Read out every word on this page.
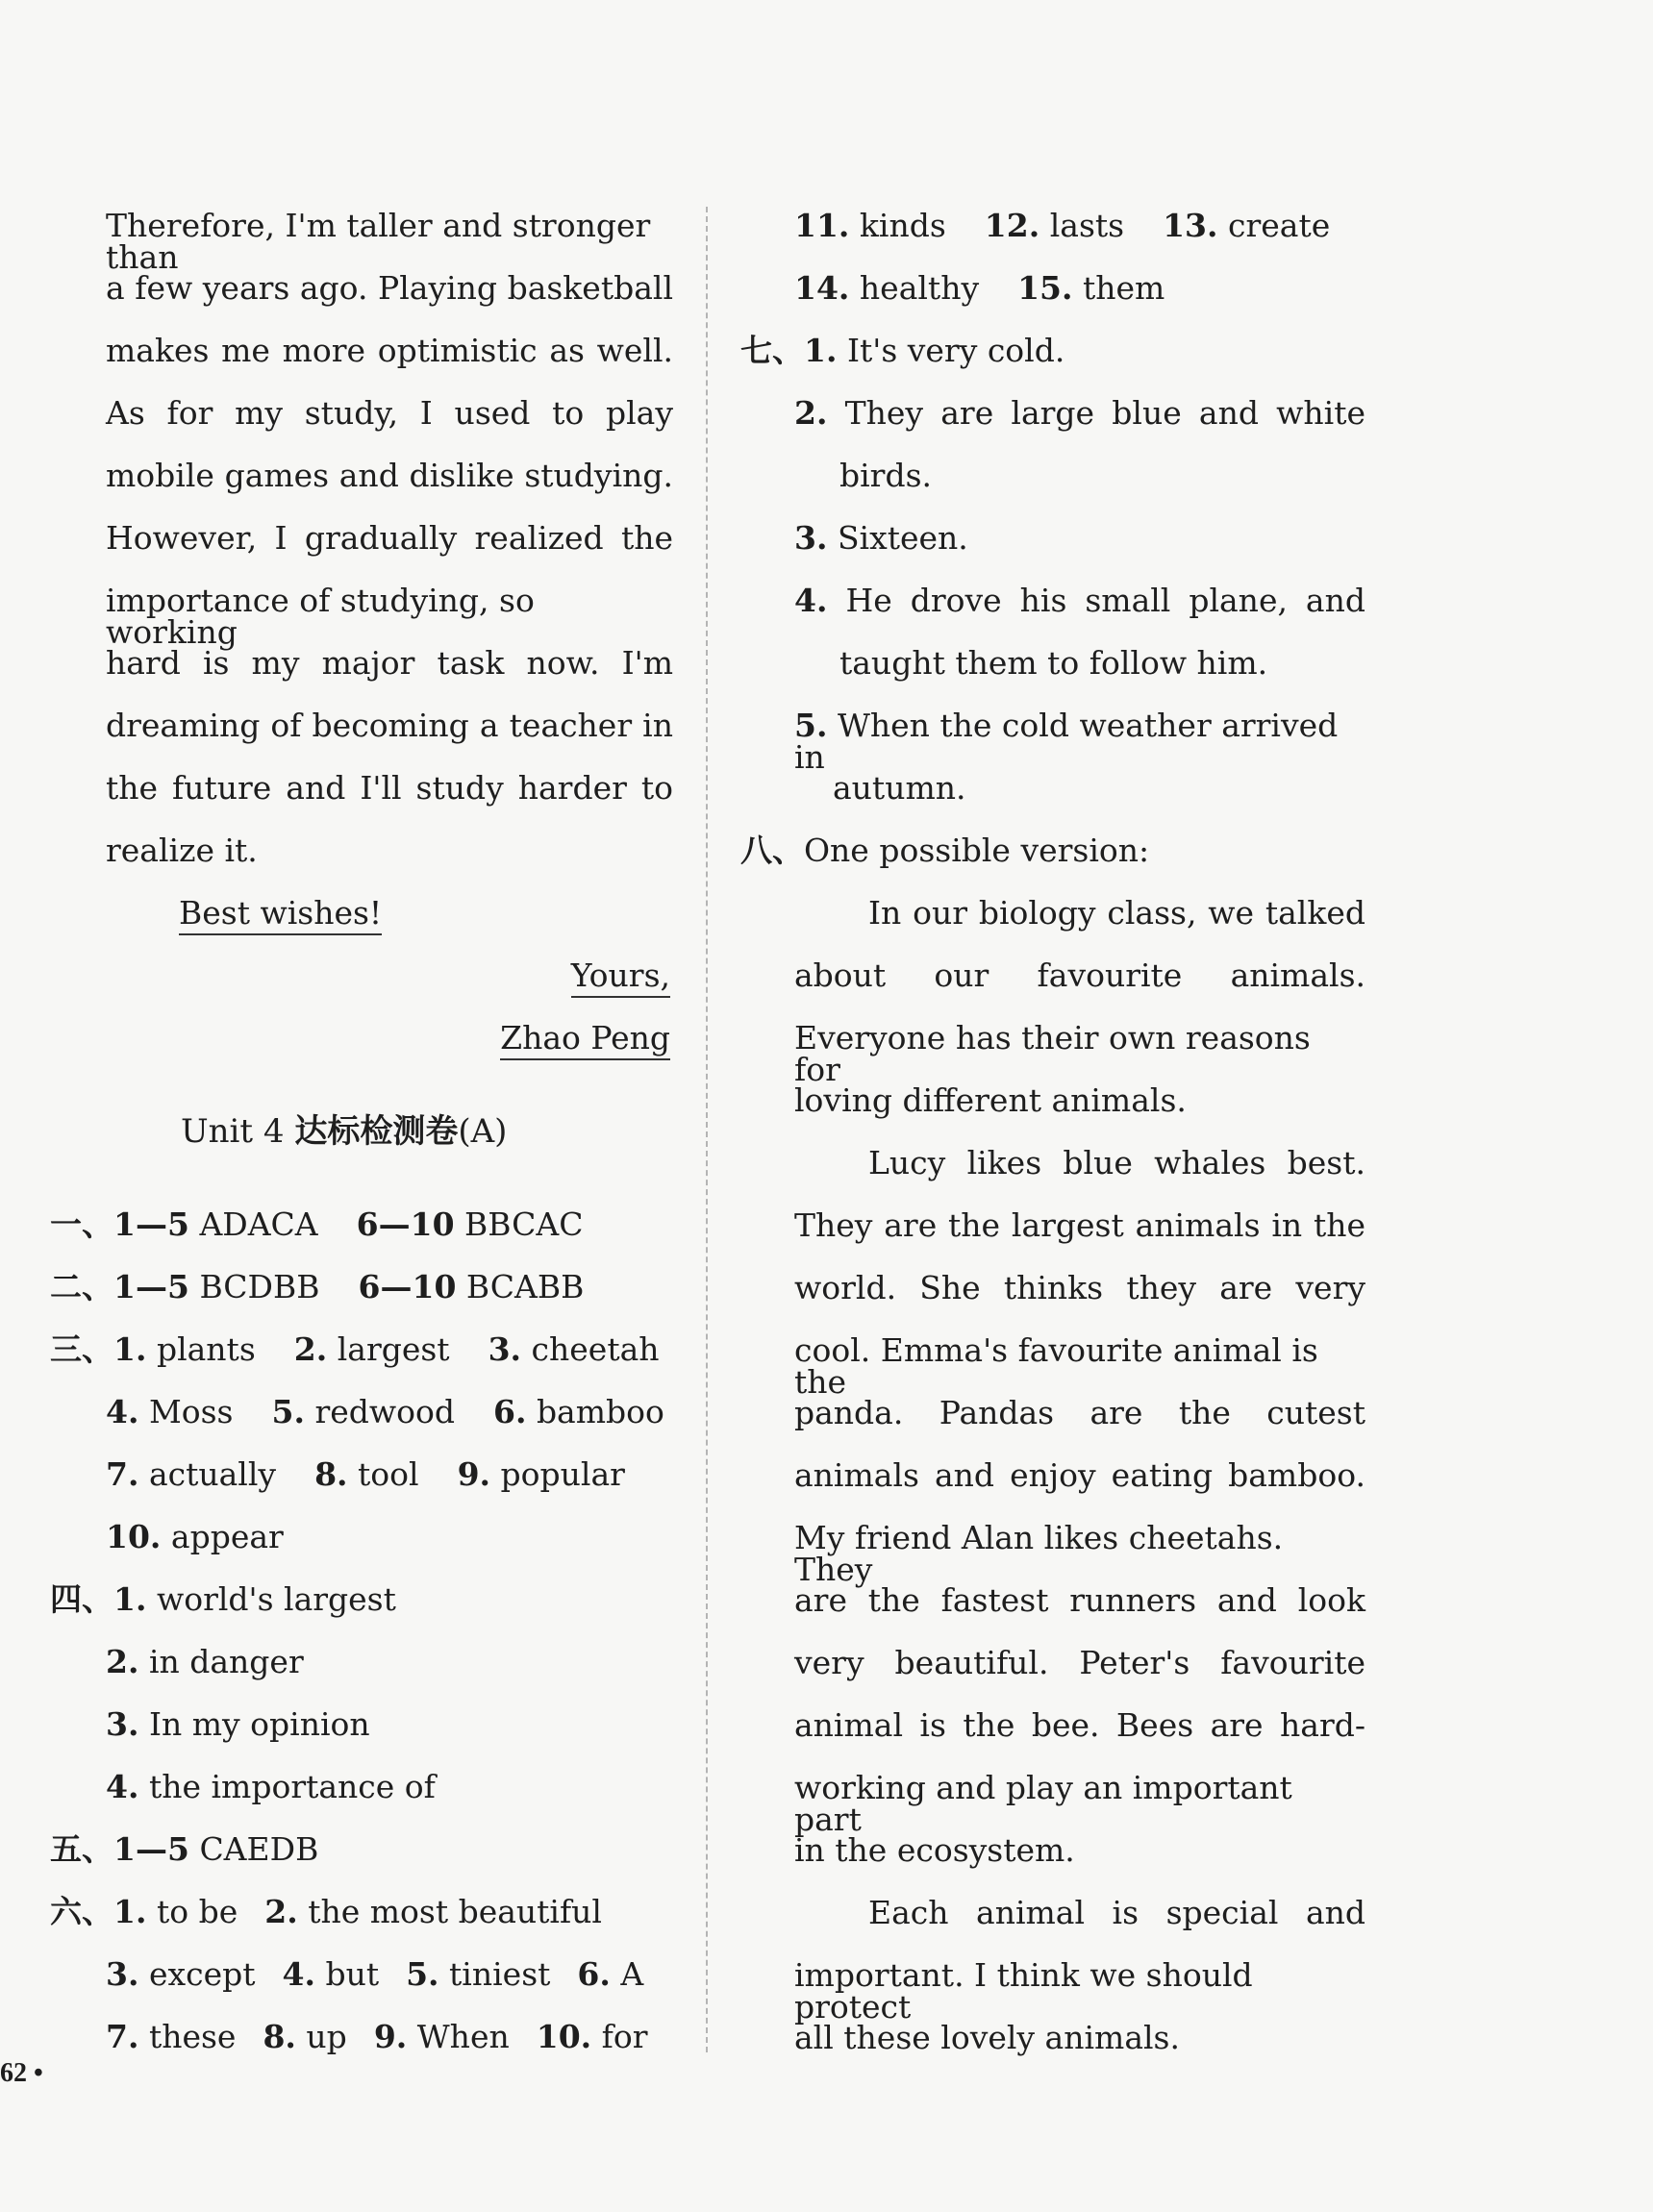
Therefore, I'm taller and stronger than
a few years ago. Playing basketball
makes me more optimistic as well.
As for my study, I used to play
mobile games and dislike studying.
However, I gradually realized the
importance of studying, so working
hard is my major task now. I'm
dreaming of becoming a teacher in
the future and I'll study harder to
realize it.
Best wishes!
Yours,
Zhao Peng
Unit 4 达标检测卷(A)
一、1—5 ADACA 6—10 BBCAC
二、1—5 BCDBB 6—10 BCABB
三、1. plants 2. largest 3. cheetah
4. Moss 5. redwood 6. bamboo
7. actually 8. tool 9. popular
10. appear
四、1. world's largest
2. in danger
3. In my opinion
4. the importance of
五、1—5 CAEDB
六、1. to be 2. the most beautiful
3. except 4. but 5. tiniest 6. A
7. these 8. up 9. When 10. for
11. kinds 12. lasts 13. create
14. healthy 15. them
七、1. It's very cold.
2. They are large blue and white
birds.
3. Sixteen.
4. He drove his small plane, and
taught them to follow him.
5. When the cold weather arrived in
autumn.
八、One possible version:
In our biology class, we talked
about our favourite animals.
Everyone has their own reasons for
loving different animals.
Lucy likes blue whales best.
They are the largest animals in the
world. She thinks they are very
cool. Emma's favourite animal is the
panda. Pandas are the cutest
animals and enjoy eating bamboo.
My friend Alan likes cheetahs. They
are the fastest runners and look
very beautiful. Peter's favourite
animal is the bee. Bees are hard-
working and play an important part
in the ecosystem.
Each animal is special and
important. I think we should protect
all these lovely animals.
62 •
